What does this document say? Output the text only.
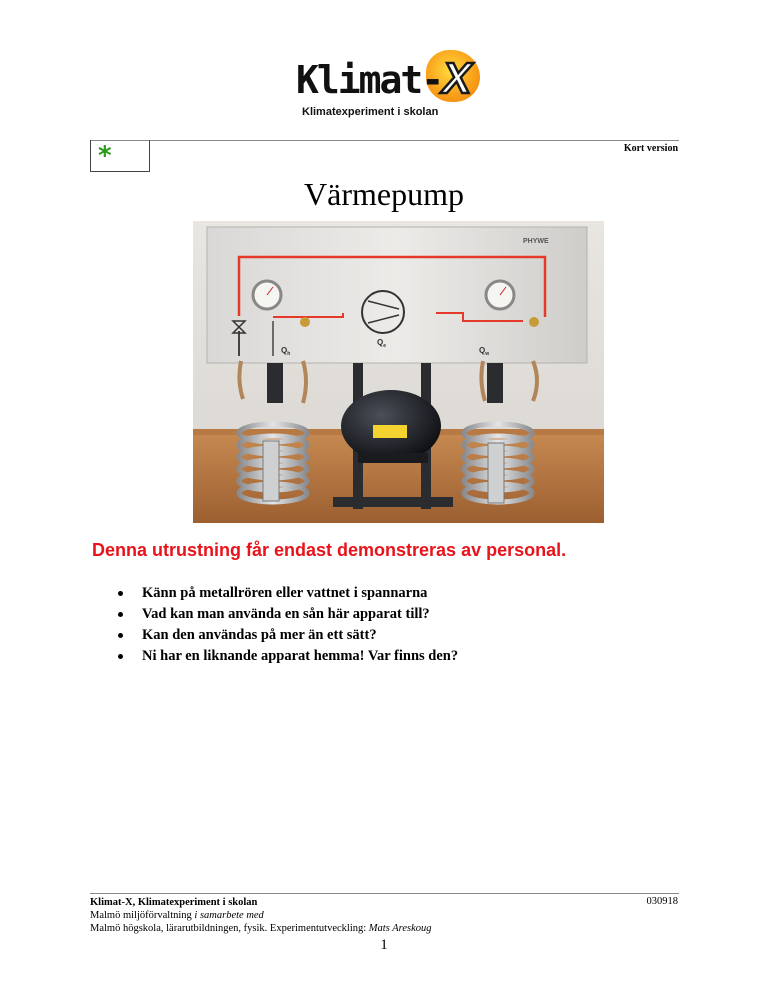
Klimat-X
Klimatexperiment i skolan
*	Kort version
Värmepump
PHYWE
$Q_h$
$Q_e$	$Q_w$
Denna utrustning får endast demonstreras av personal.
Känn på metallrören eller vattnet i spannarna
Vad kan man använda en sån här apparat till?
Kan den användas på mer än ett sätt?
Ni har en liknande apparat hemma! Var finns den?
Klimat-X, Klimatexperiment i skolan
Malmö miljöförvaltning i samarbete med
Malmö högskola, lärarutbildningen, fysik. Experimentutveckling: Mats Areskoug
030918
1
